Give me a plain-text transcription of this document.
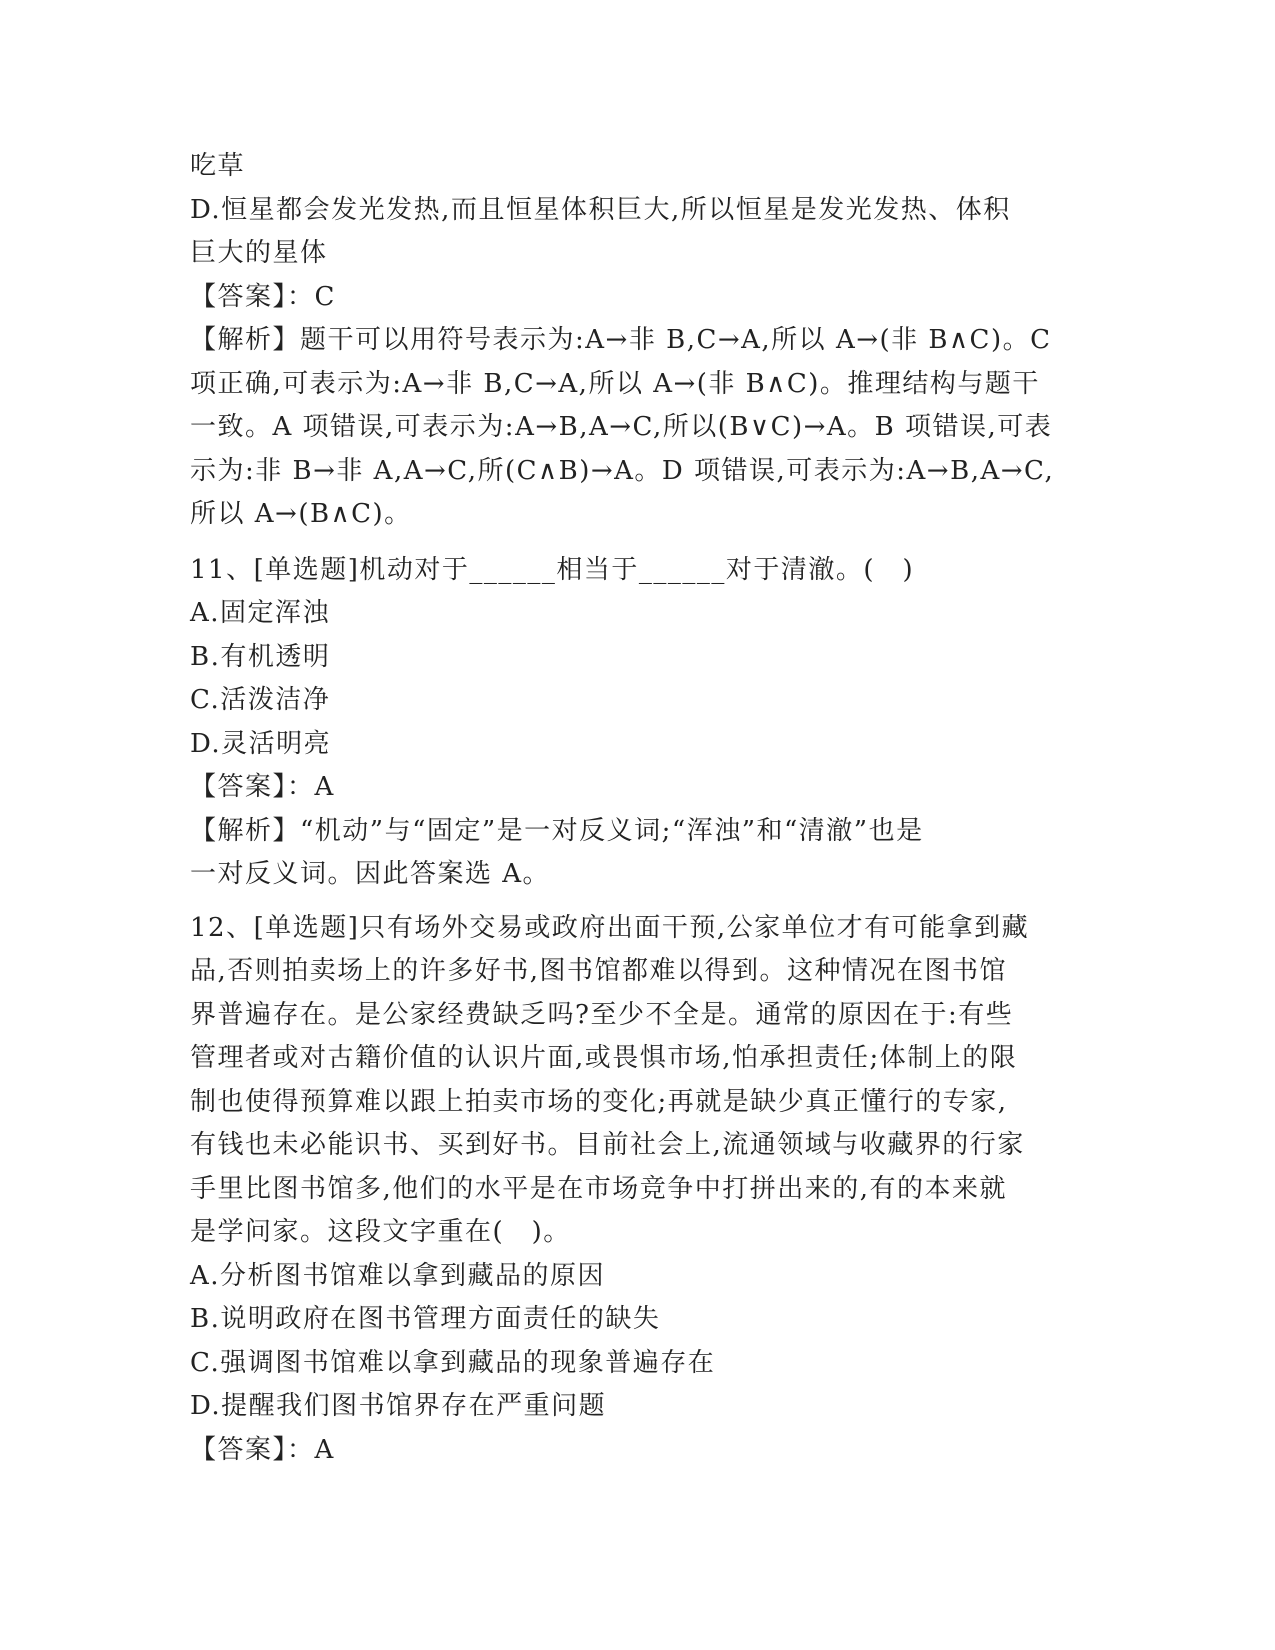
吃草
D.恒星都会发光发热,而且恒星体积巨大,所以恒星是发光发热、体积
巨大的星体
【答案】：C
【解析】题干可以用符号表示为:A→非 B,C→A,所以 A→(非 B∧C)。C
项正确,可表示为:A→非 B,C→A,所以 A→(非 B∧C)。推理结构与题干
一致。A 项错误,可表示为:A→B,A→C,所以(B∨C)→A。B 项错误,可表
示为:非 B→非 A,A→C,所(C∧B)→A。D 项错误,可表示为:A→B,A→C,
所以 A→(B∧C)。
11、[单选题]机动对于______相当于______对于清澈。(　)
A.固定浑浊
B.有机透明
C.活泼洁净
D.灵活明亮
【答案】：A
【解析】“机动”与“固定”是一对反义词;“浑浊”和“清澈”也是
一对反义词。因此答案选 A。
12、[单选题]只有场外交易或政府出面干预,公家单位才有可能拿到藏
品,否则拍卖场上的许多好书,图书馆都难以得到。这种情况在图书馆
界普遍存在。是公家经费缺乏吗?至少不全是。通常的原因在于:有些
管理者或对古籍价值的认识片面,或畏惧市场,怕承担责任;体制上的限
制也使得预算难以跟上拍卖市场的变化;再就是缺少真正懂行的专家,
有钱也未必能识书、买到好书。目前社会上,流通领域与收藏界的行家
手里比图书馆多,他们的水平是在市场竞争中打拼出来的,有的本来就
是学问家。这段文字重在(　)。
A.分析图书馆难以拿到藏品的原因
B.说明政府在图书管理方面责任的缺失
C.强调图书馆难以拿到藏品的现象普遍存在
D.提醒我们图书馆界存在严重问题
【答案】：A
